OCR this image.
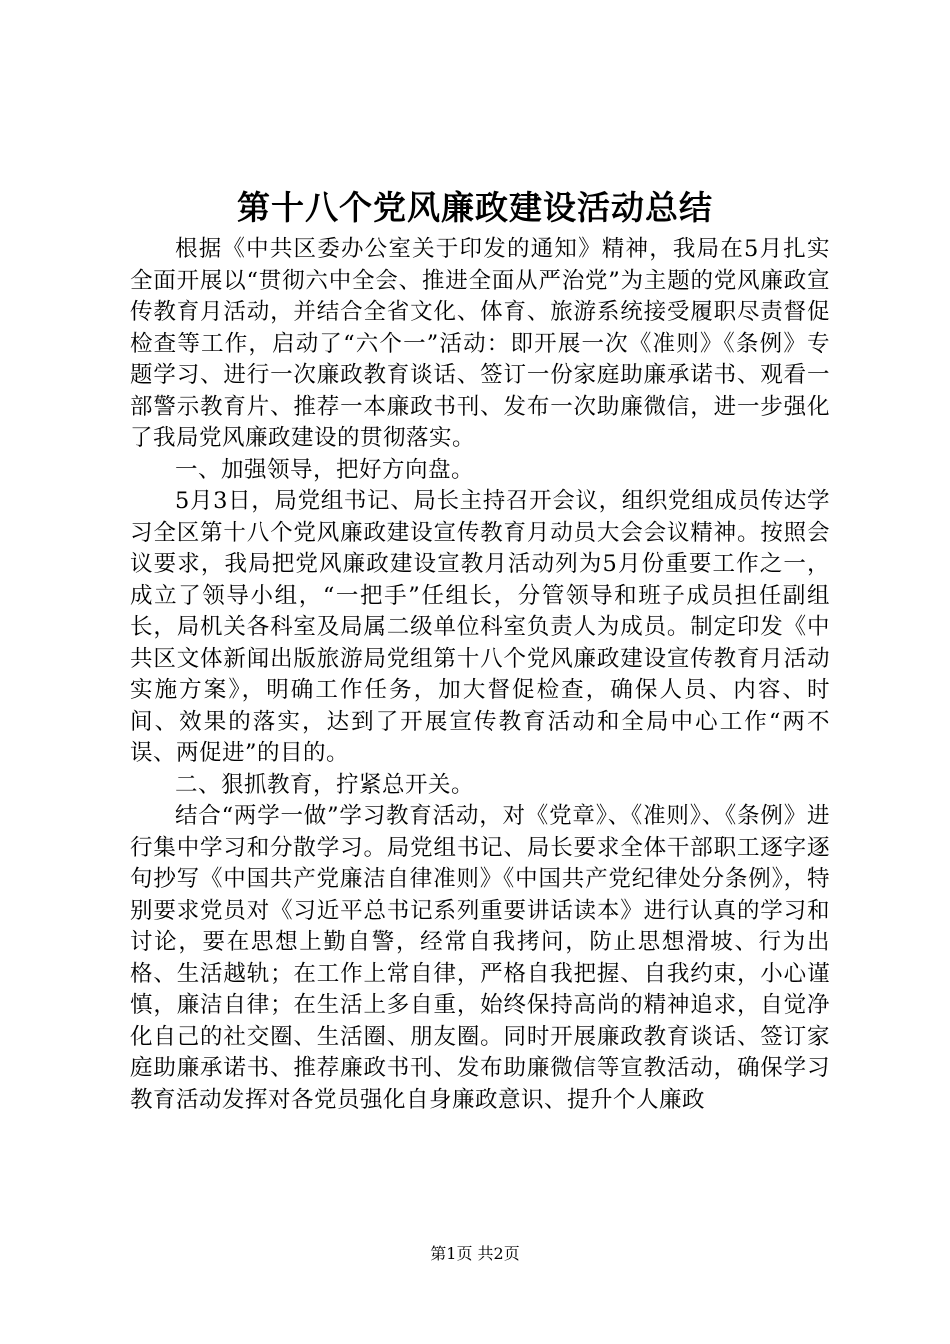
第十八个党风廉政建设活动总结

根据《中共区委办公室关于印发的通知》精神，我局在5月扎实全面开展以“贯彻六中全会、推进全面从严治党”为主题的党风廉政宣传教育月活动，并结合全省文化、体育、旅游系统接受履职尽责督促检查等工作，启动了“六个一”活动：即开展一次《准则》《条例》专题学习、进行一次廉政教育谈话、签订一份家庭助廉承诺书、观看一部警示教育片、推荐一本廉政书刊、发布一次助廉微信，进一步强化了我局党风廉政建设的贯彻落实。

一、加强领导，把好方向盘。

5月3日，局党组书记、局长主持召开会议，组织党组成员传达学习全区第十八个党风廉政建设宣传教育月动员大会会议精神。按照会议要求，我局把党风廉政建设宣教月活动列为5月份重要工作之一，成立了领导小组，“一把手”任组长，分管领导和班子成员担任副组长，局机关各科室及局属二级单位科室负责人为成员。制定印发《中共区文体新闻出版旅游局党组第十八个党风廉政建设宣传教育月活动实施方案》，明确工作任务，加大督促检查，确保人员、内容、时间、效果的落实，达到了开展宣传教育活动和全局中心工作“两不误、两促进”的目的。

二、狠抓教育，拧紧总开关。

结合“两学一做”学习教育活动，对《党章》、《准则》、《条例》进行集中学习和分散学习。局党组书记、局长要求全体干部职工逐字逐句抄写《中国共产党廉洁自律准则》《中国共产党纪律处分条例》，特别要求党员对《习近平总书记系列重要讲话读本》进行认真的学习和讨论，要在思想上勤自警，经常自我拷问，防止思想滑坡、行为出格、生活越轨；在工作上常自律，严格自我把握、自我约束，小心谨慎，廉洁自律；在生活上多自重，始终保持高尚的精神追求，自觉净化自己的社交圈、生活圈、朋友圈。同时开展廉政教育谈话、签订家庭助廉承诺书、推荐廉政书刊、发布助廉微信等宣教活动，确保学习教育活动发挥对各党员强化自身廉政意识、提升个人廉政

第1页 共2页
